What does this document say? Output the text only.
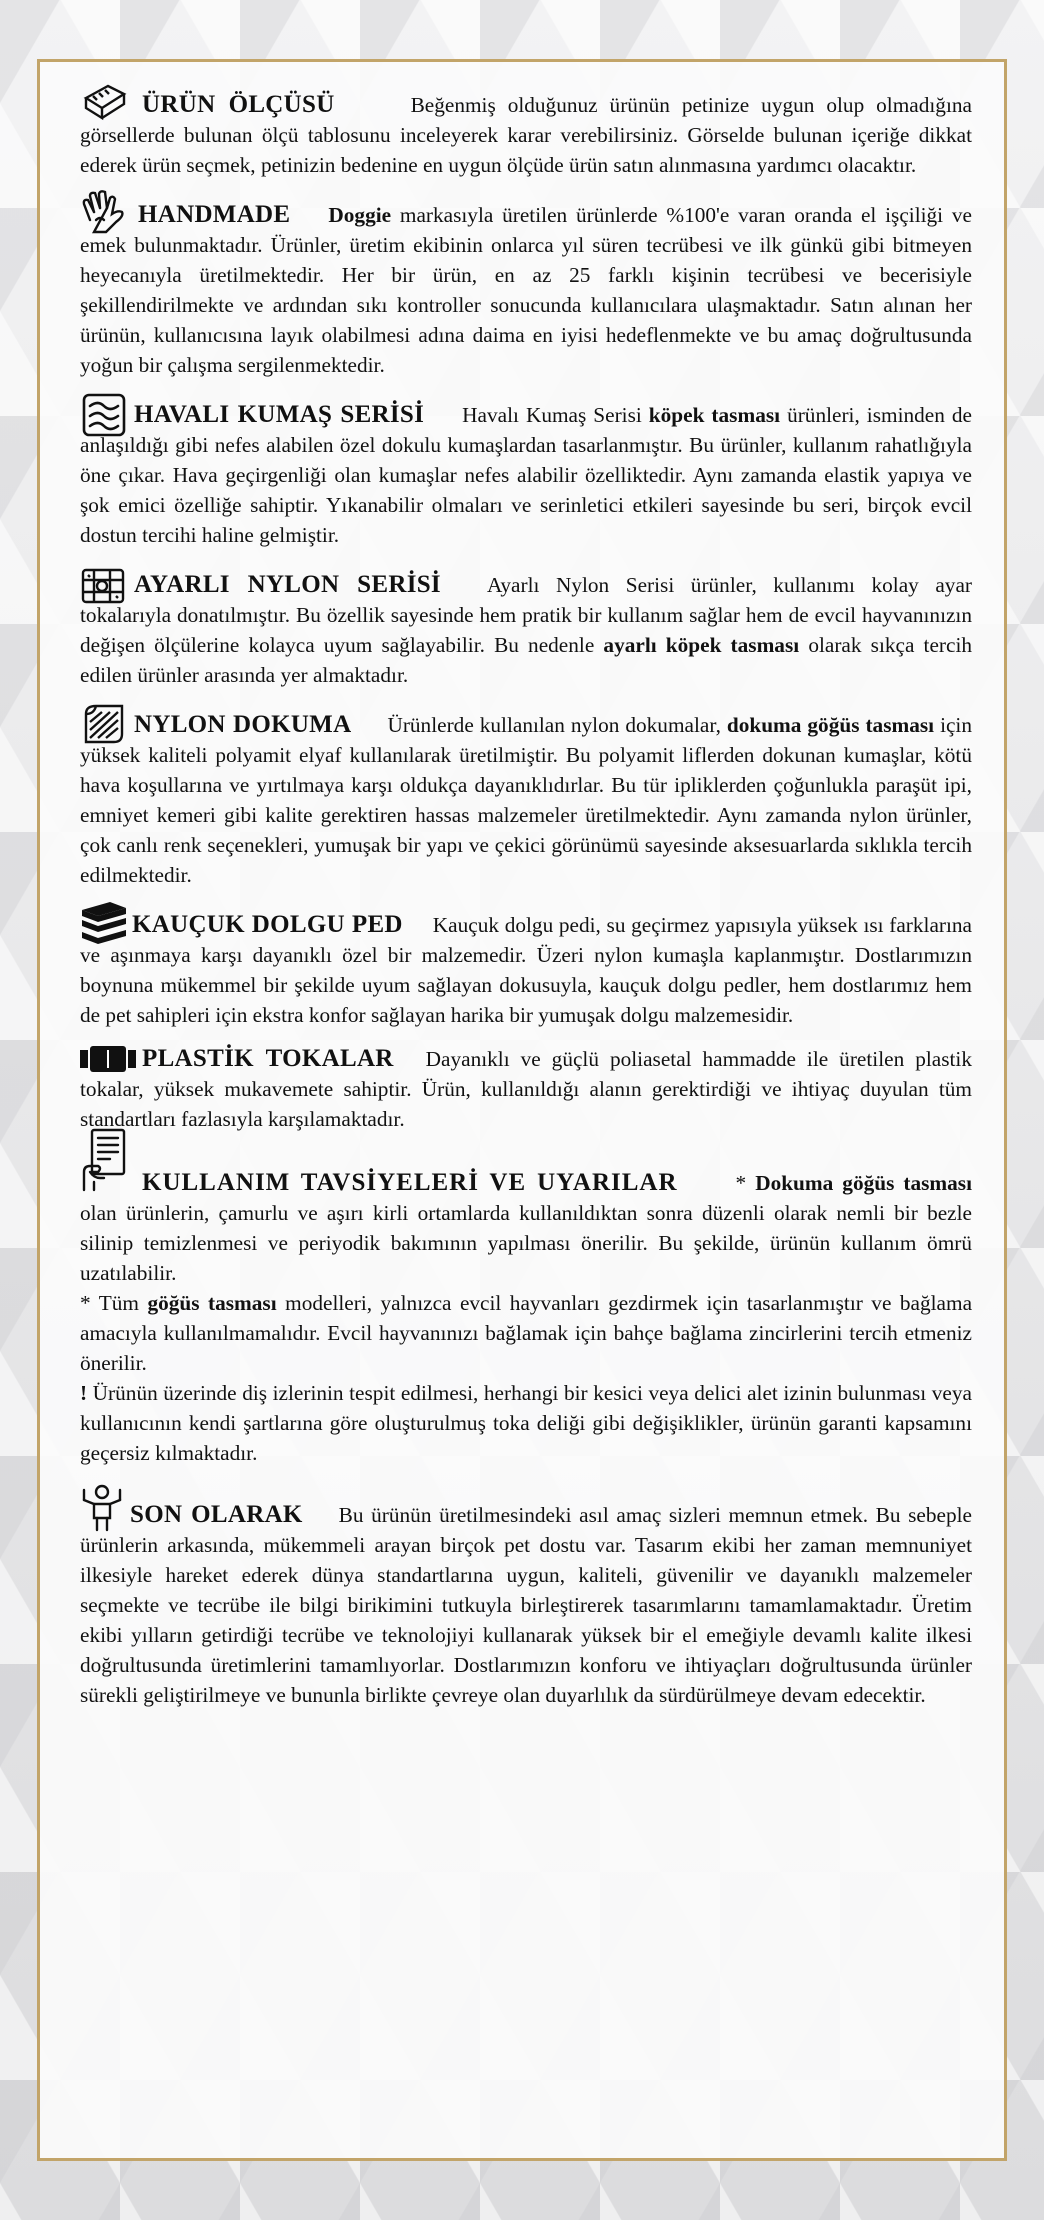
ÜRÜN ÖLÇÜSÜ	Beğenmiş olduğunuz ürünün petinize uygun olup olmadığına görsellerde bulunan ölçü tablosunu inceleyerek karar verebilirsiniz. Görselde bulunan içeriğe dikkat ederek ürün seçmek, petinizin bedenine en uygun ölçüde ürün satın alınmasına yardımcı olacaktır.

HANDMADE Doggie markasıyla üretilen ürünlerde %100'e varan oranda el işçiliği ve emek bulunmaktadır. Ürünler, üretim ekibinin onlarca yıl süren tecrübesi ve ilk günkü gibi bitmeyen heyecanıyla üretilmektedir. Her bir ürün, en az 25 farklı kişinin tecrübesi ve becerisiyle şekillendirilmekte ve ardından sıkı kontroller sonucunda kullanıcılara ulaşmaktadır. Satın alınan her ürünün, kullanıcısına layık olabilmesi adına daima en iyisi hedeflenmekte ve bu amaç doğrultusunda yoğun bir çalışma sergilenmektedir.

HAVALI KUMAŞ SERİSİ Havalı Kumaş Serisi köpek tasması ürünleri, isminden de anlaşıldığı gibi nefes alabilen özel dokulu kumaşlardan tasarlanmıştır. Bu ürünler, kullanım rahatlığıyla öne çıkar. Hava geçirgenliği olan kumaşlar nefes alabilir özelliktedir. Aynı zamanda elastik yapıya ve şok emici özelliğe sahiptir. Yıkanabilir olmaları ve serinletici etkileri sayesinde bu seri, birçok evcil dostun tercihi haline gelmiştir.

AYARLI NYLON SERİSİ Ayarlı Nylon Serisi ürünler, kullanımı kolay ayar tokalarıyla donatılmıştır. Bu özellik sayesinde hem pratik bir kullanım sağlar hem de evcil hayvanınızın değişen ölçülerine kolayca uyum sağlayabilir. Bu nedenle ayarlı köpek tasması olarak sıkça tercih edilen ürünler arasında yer almaktadır.

NYLON DOKUMA Ürünlerde kullanılan nylon dokumalar, dokuma göğüs tasması için yüksek kaliteli polyamit elyaf kullanılarak üretilmiştir. Bu polyamit liflerden dokunan kumaşlar, kötü hava koşullarına ve yırtılmaya karşı oldukça dayanıklıdırlar. Bu tür ipliklerden çoğunlukla paraşüt ipi, emniyet kemeri gibi kalite gerektiren hassas malzemeler üretilmektedir. Aynı zamanda nylon ürünler, çok canlı renk seçenekleri, yumuşak bir yapı ve çekici görünümü sayesinde aksesuarlarda sıklıkla tercih edilmektedir.

KAUÇUK DOLGU PED Kauçuk dolgu pedi, su geçirmez yapısıyla yüksek ısı farklarına ve aşınmaya karşı dayanıklı özel bir malzemedir. Üzeri nylon kumaşla kaplanmıştır. Dostlarımızın boynuna mükemmel bir şekilde uyum sağlayan dokusuyla, kauçuk dolgu pedler, hem dostlarımız hem de pet sahipleri için ekstra konfor sağlayan harika bir yumuşak dolgu malzemesidir.

PLASTİK TOKALAR Dayanıklı ve güçlü poliasetal hammadde ile üretilen plastik tokalar, yüksek mukavemete sahiptir. Ürün, kullanıldığı alanın gerektirdiği ve ihtiyaç duyulan tüm standartları fazlasıyla karşılamaktadır.

KULLANIM TAVSİYELERİ VE UYARILAR	* Dokuma göğüs tasması olan ürünlerin, çamurlu ve aşırı kirli ortamlarda kullanıldıktan sonra düzenli olarak nemli bir bezle silinip temizlenmesi ve periyodik bakımının yapılması önerilir. Bu şekilde, ürünün kullanım ömrü uzatılabilir.

* Tüm göğüs tasması modelleri, yalnızca evcil hayvanları gezdirmek için tasarlanmıştır ve bağlama amacıyla kullanılmamalıdır. Evcil hayvanınızı bağlamak için bahçe bağlama zincirlerini tercih etmeniz önerilir.

! Ürünün üzerinde diş izlerinin tespit edilmesi, herhangi bir kesici veya delici alet izinin bulunması veya kullanıcının kendi şartlarına göre oluşturulmuş toka deliği gibi değişiklikler, ürünün garanti kapsamını geçersiz kılmaktadır.

SON OLARAK Bu ürünün üretilmesindeki asıl amaç sizleri memnun etmek. Bu sebeple ürünlerin arkasında, mükemmeli arayan birçok pet dostu var. Tasarım ekibi her zaman memnuniyet ilkesiyle hareket ederek dünya standartlarına uygun, kaliteli, güvenilir ve dayanıklı malzemeler seçmekte ve tecrübe ile bilgi birikimini tutkuyla birleştirerek tasarımlarını tamamlamaktadır. Üretim ekibi yılların getirdiği tecrübe ve teknolojiyi kullanarak yüksek bir el emeğiyle devamlı kalite ilkesi doğrultusunda üretimlerini tamamlıyorlar. Dostlarımızın konforu ve ihtiyaçları doğrultusunda ürünler sürekli geliştirilmeye ve bununla birlikte çevreye olan duyarlılık da sürdürülmeye devam edecektir.
